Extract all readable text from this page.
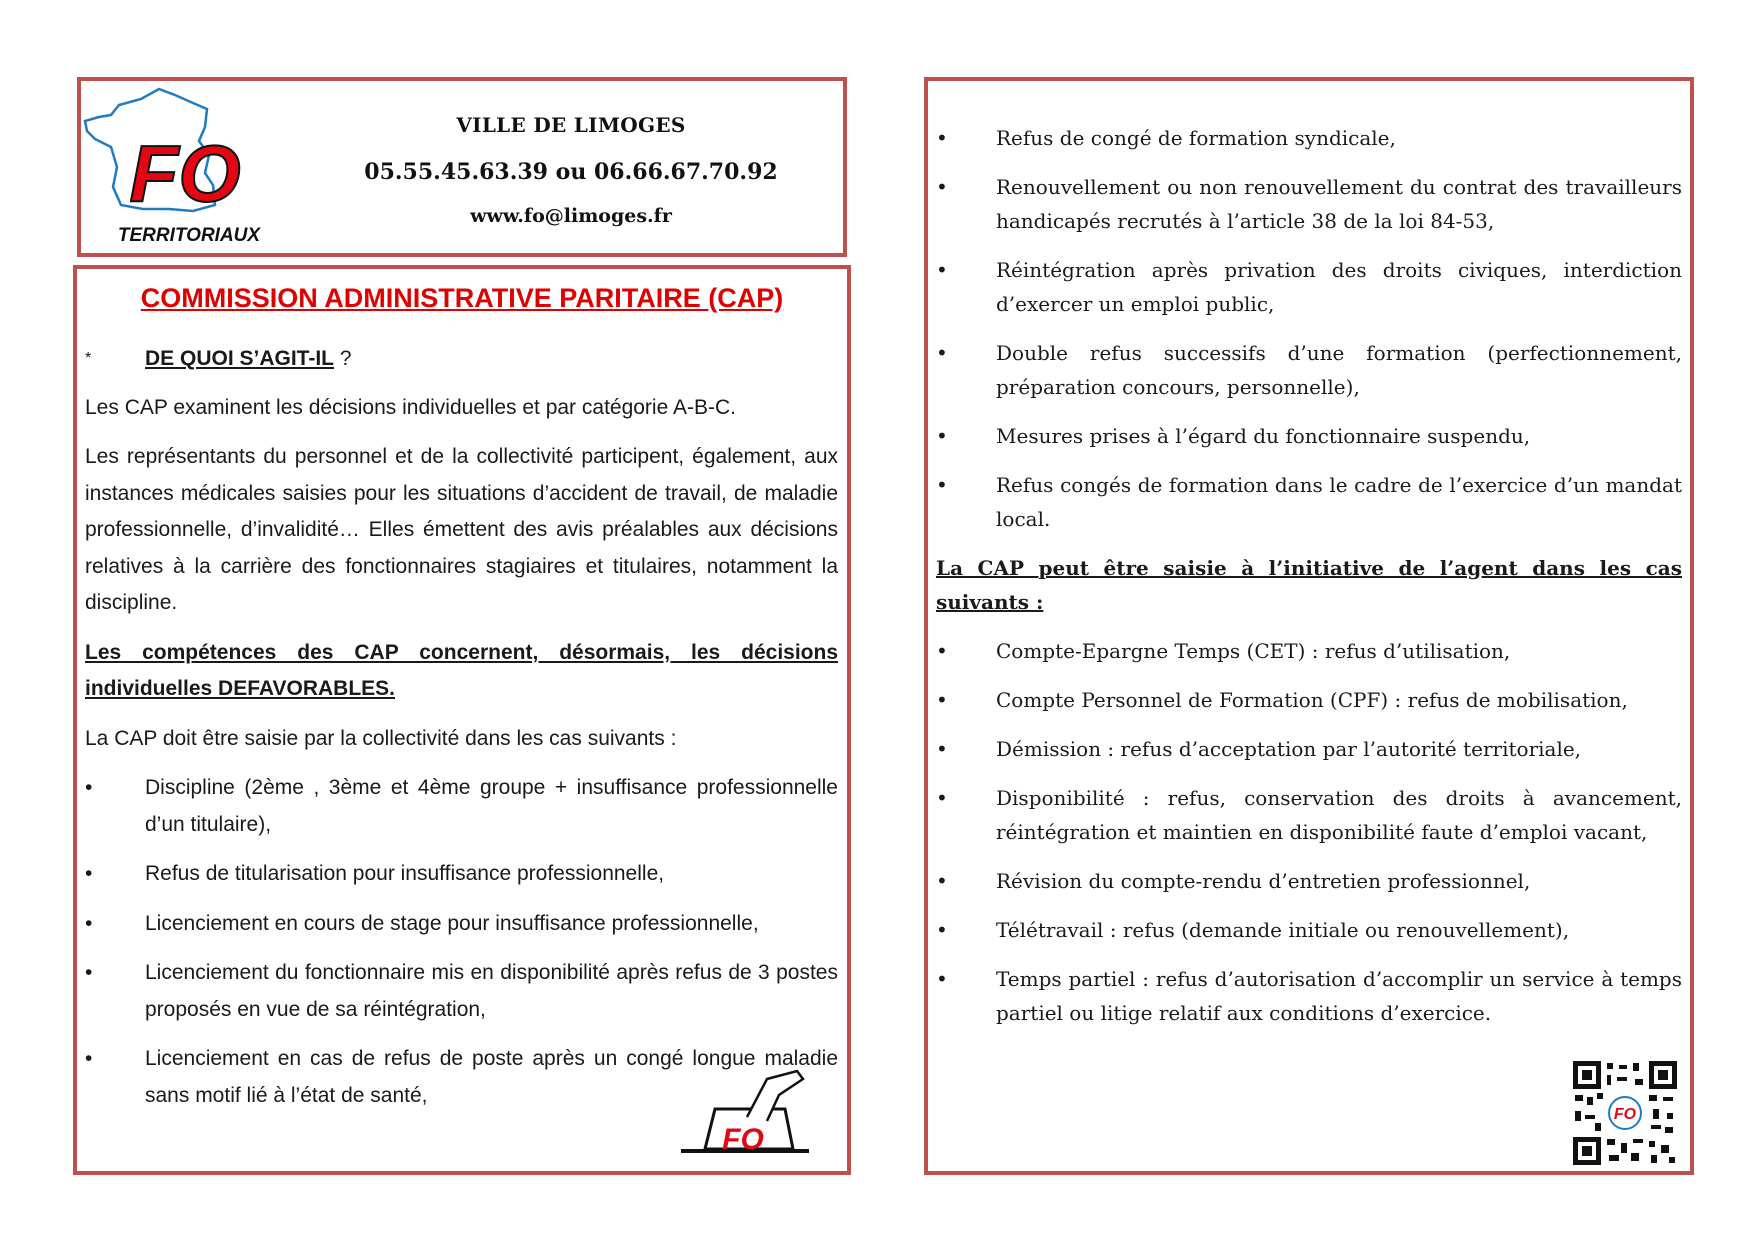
FO
TERRITORIAUX
VILLE DE LIMOGES
05.55.45.63.39 ou 06.66.67.70.92
www.fo@limoges.fr
COMMISSION ADMINISTRATIVE PARITAIRE (CAP)
*	DE QUOI S’AGIT-IL ?

Les CAP examinent les décisions individuelles et par catégorie A-B-C.

Les représentants du personnel et de la collectivité participent, également, aux instances médicales saisies pour les situations d’accident de travail, de maladie professionnelle, d’invalidité… Elles émettent des avis préalables aux décisions relatives à la carrière des fonctionnaires stagiaires et titulaires, notamment la discipline.

Les compétences des CAP concernent, désormais, les décisions individuelles DEFAVORABLES.

La CAP doit être saisie par la collectivité dans les cas suivants :

• Discipline (2ème , 3ème et 4ème groupe + insuffisance professionnelle d’un titulaire),
• Refus de titularisation pour insuffisance professionnelle,
• Licenciement en cours de stage pour insuffisance professionnelle,
• Licenciement du fonctionnaire mis en disponibilité après refus de 3 postes proposés en vue de sa réintégration,
• Licenciement en cas de refus de poste après un congé longue maladie sans motif lié à l’état de santé,
FO
• Refus de congé de formation syndicale,
• Renouvellement ou non renouvellement du contrat des travailleurs handicapés recrutés à l’article 38 de la loi 84-53,
• Réintégration après privation des droits civiques, interdiction d’exercer un emploi public,
• Double refus successifs d’une formation (perfectionnement, préparation concours, personnelle),
• Mesures prises à l’égard du fonctionnaire suspendu,
• Refus congés de formation dans le cadre de l’exercice d’un mandat local.

La CAP peut être saisie à l’initiative de l’agent dans les cas suivants :

• Compte-Epargne Temps (CET) : refus d’utilisation,
• Compte Personnel de Formation (CPF) : refus de mobilisation,
• Démission : refus d’acceptation par l’autorité territoriale,
• Disponibilité : refus, conservation des droits à avancement, réintégration et maintien en disponibilité faute d’emploi vacant,
• Révision du compte-rendu d’entretien professionnel,
• Télétravail : refus (demande initiale ou renouvellement),
• Temps partiel : refus d’autorisation d’accomplir un service à temps partiel ou litige relatif aux conditions d’exercice.
FO
